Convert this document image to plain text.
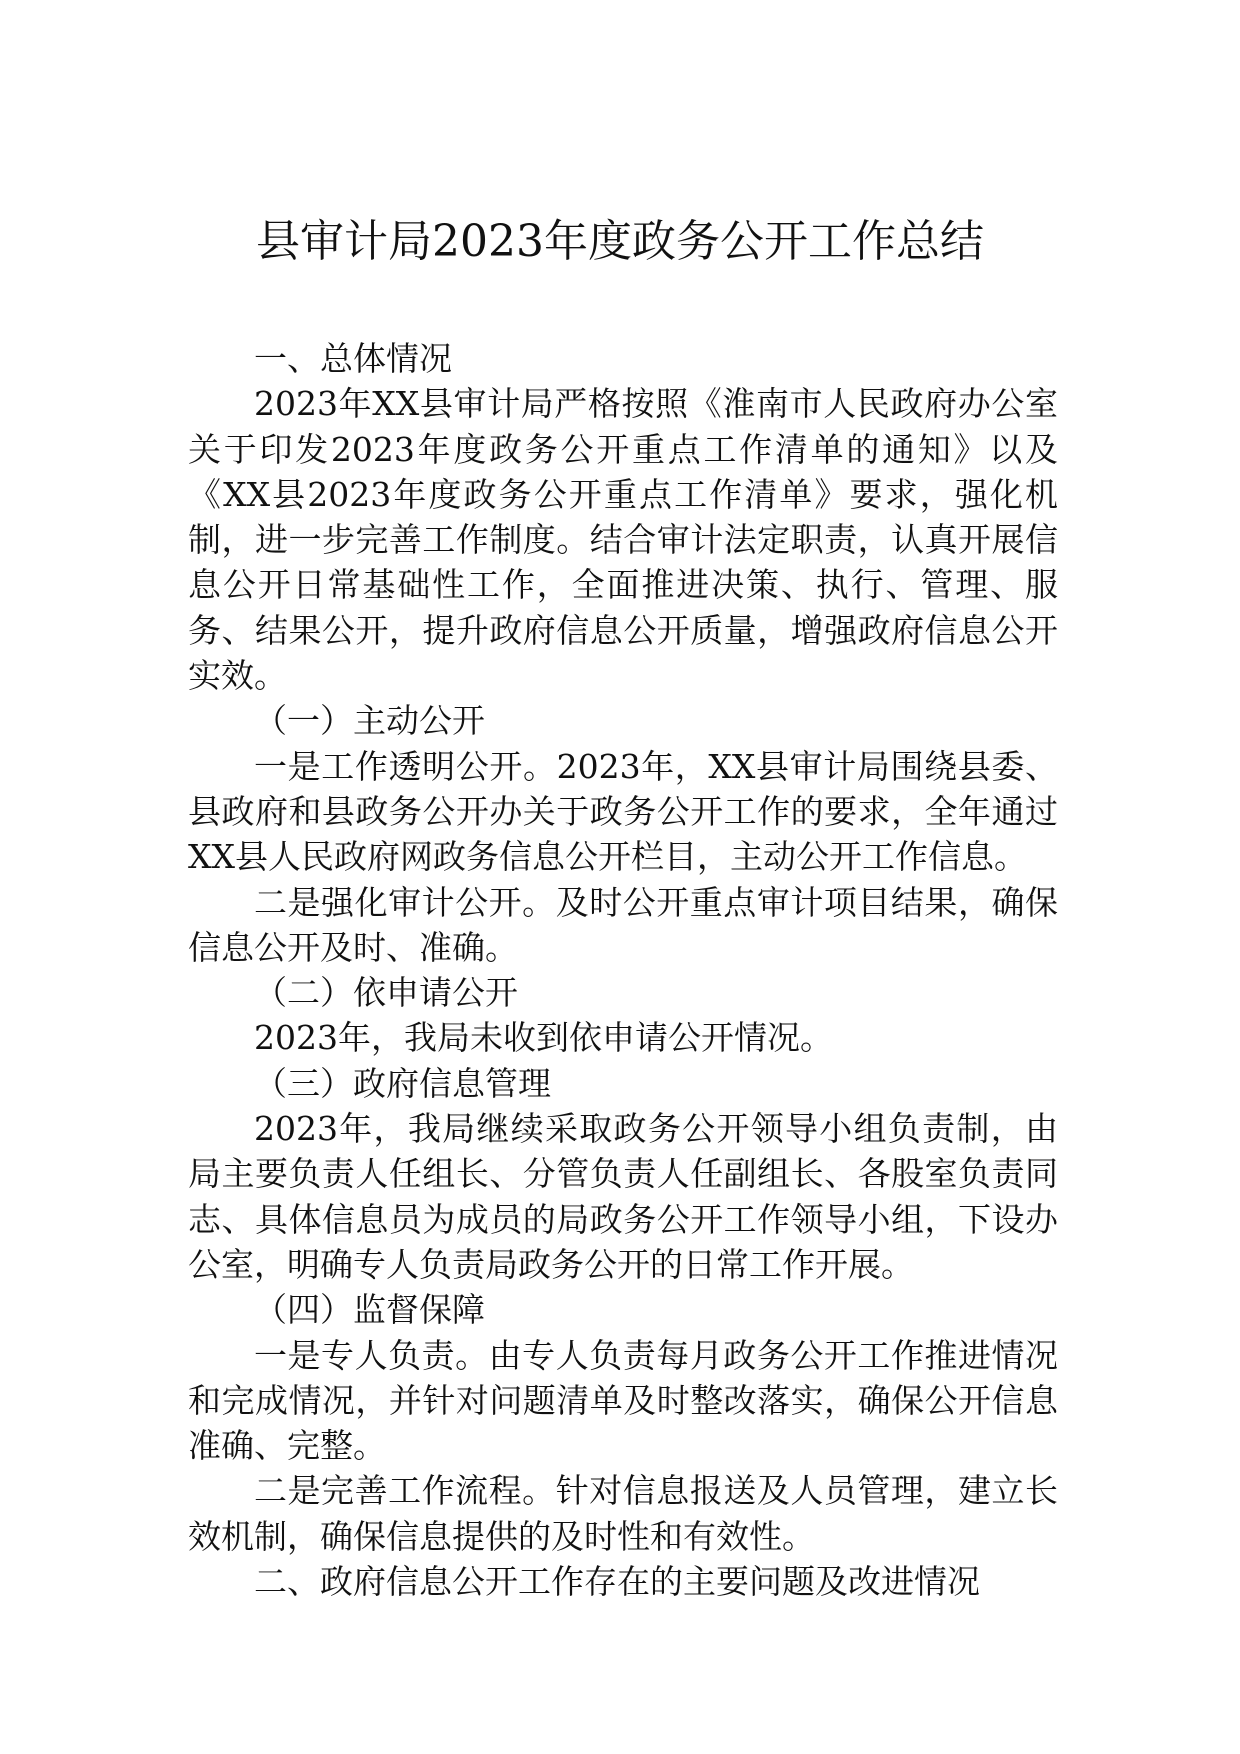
县审计局2023年度政务公开工作总结

一、总体情况

2023年XX县审计局严格按照《淮南市人民政府办公室关于印发2023年度政务公开重点工作清单的通知》以及《XX县2023年度政务公开重点工作清单》要求，强化机制，进一步完善工作制度。结合审计法定职责，认真开展信息公开日常基础性工作，全面推进决策、执行、管理、服务、结果公开，提升政府信息公开质量，增强政府信息公开实效。

（一）主动公开

一是工作透明公开。2023年，XX县审计局围绕县委、县政府和县政务公开办关于政务公开工作的要求，全年通过XX县人民政府网政务信息公开栏目，主动公开工作信息。

二是强化审计公开。及时公开重点审计项目结果，确保信息公开及时、准确。

（二）依申请公开

2023年，我局未收到依申请公开情况。

（三）政府信息管理

2023年，我局继续采取政务公开领导小组负责制，由局主要负责人任组长、分管负责人任副组长、各股室负责同志、具体信息员为成员的局政务公开工作领导小组，下设办公室，明确专人负责局政务公开的日常工作开展。

（四）监督保障

一是专人负责。由专人负责每月政务公开工作推进情况和完成情况，并针对问题清单及时整改落实，确保公开信息准确、完整。

二是完善工作流程。针对信息报送及人员管理，建立长效机制，确保信息提供的及时性和有效性。

二、政府信息公开工作存在的主要问题及改进情况
